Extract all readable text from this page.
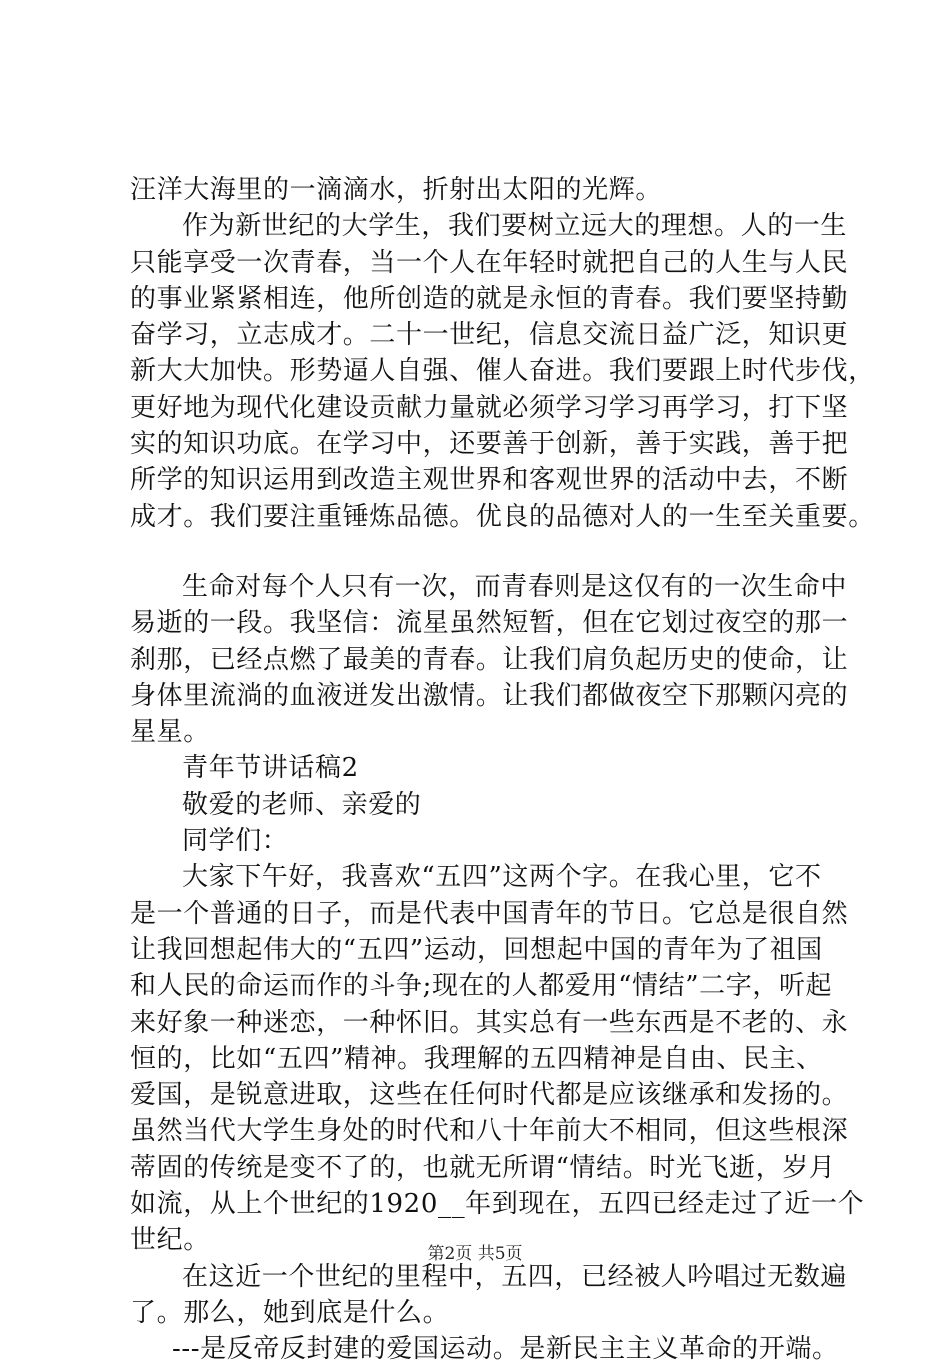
汪洋大海里的一滴滴水，折射出太阳的光辉。
作为新世纪的大学生，我们要树立远大的理想。人的一生
只能享受一次青春，当一个人在年轻时就把自己的人生与人民
的事业紧紧相连，他所创造的就是永恒的青春。我们要坚持勤
奋学习，立志成才。二十一世纪，信息交流日益广泛，知识更
新大大加快。形势逼人自强、催人奋进。我们要跟上时代步伐，
更好地为现代化建设贡献力量就必须学习学习再学习，打下坚
实的知识功底。在学习中，还要善于创新，善于实践，善于把
所学的知识运用到改造主观世界和客观世界的活动中去，不断
成才。我们要注重锤炼品德。优良的品德对人的一生至关重要。
生命对每个人只有一次，而青春则是这仅有的一次生命中
易逝的一段。我坚信：流星虽然短暂，但在它划过夜空的那一
刹那，已经点燃了最美的青春。让我们肩负起历史的使命，让
身体里流淌的血液迸发出激情。让我们都做夜空下那颗闪亮的
星星。
青年节讲话稿2
敬爱的老师、亲爱的
同学们：
大家下午好，我喜欢“五四”这两个字。在我心里，它不
是一个普通的日子，而是代表中国青年的节日。它总是很自然
让我回想起伟大的“五四”运动，回想起中国的青年为了祖国
和人民的命运而作的斗争;现在的人都爱用“情结”二字，听起
来好象一种迷恋，一种怀旧。其实总有一些东西是不老的、永
恒的，比如“五四”精神。我理解的五四精神是自由、民主、
爱国，是锐意进取，这些在任何时代都是应该继承和发扬的。
虽然当代大学生身处的时代和八十年前大不相同，但这些根深
蒂固的传统是变不了的，也就无所谓“情结。时光飞逝，岁月
如流，从上个世纪的1920__年到现在，五四已经走过了近一个
世纪。
在这近一个世纪的里程中，五四，已经被人吟唱过无数遍
了。那么，她到底是什么。
---是反帝反封建的爱国运动。是新民主主义革命的开端。
第2页 共5页
